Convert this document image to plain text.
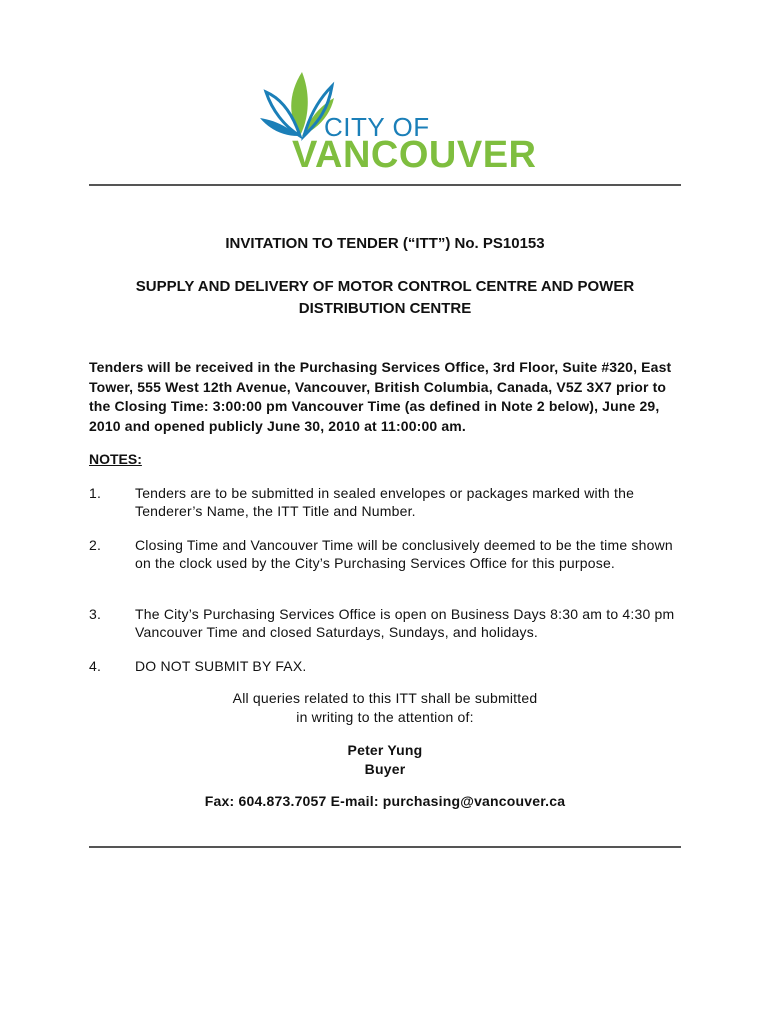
CITY OF
VANCOUVER
INVITATION TO TENDER (“ITT”) No. PS10153
SUPPLY AND DELIVERY OF MOTOR CONTROL CENTRE AND POWER
DISTRIBUTION CENTRE
Tenders will be received in the Purchasing Services Office, 3rd Floor, Suite #320, East Tower, 555 West 12th Avenue, Vancouver, British Columbia, Canada, V5Z 3X7 prior to the Closing Time: 3:00:00 pm Vancouver Time (as defined in Note 2 below), June 29, 2010 and opened publicly June 30, 2010 at 11:00:00 am.
NOTES:
1. Tenders are to be submitted in sealed envelopes or packages marked with the Tenderer’s Name, the ITT Title and Number.
2. Closing Time and Vancouver Time will be conclusively deemed to be the time shown on the clock used by the City’s Purchasing Services Office for this purpose.
3. The City’s Purchasing Services Office is open on Business Days 8:30 am to 4:30 pm Vancouver Time and closed Saturdays, Sundays, and holidays.
4. DO NOT SUBMIT BY FAX.
All queries related to this ITT shall be submitted
in writing to the attention of:
Peter Yung
Buyer
Fax: 604.873.7057 E-mail: purchasing@vancouver.ca
